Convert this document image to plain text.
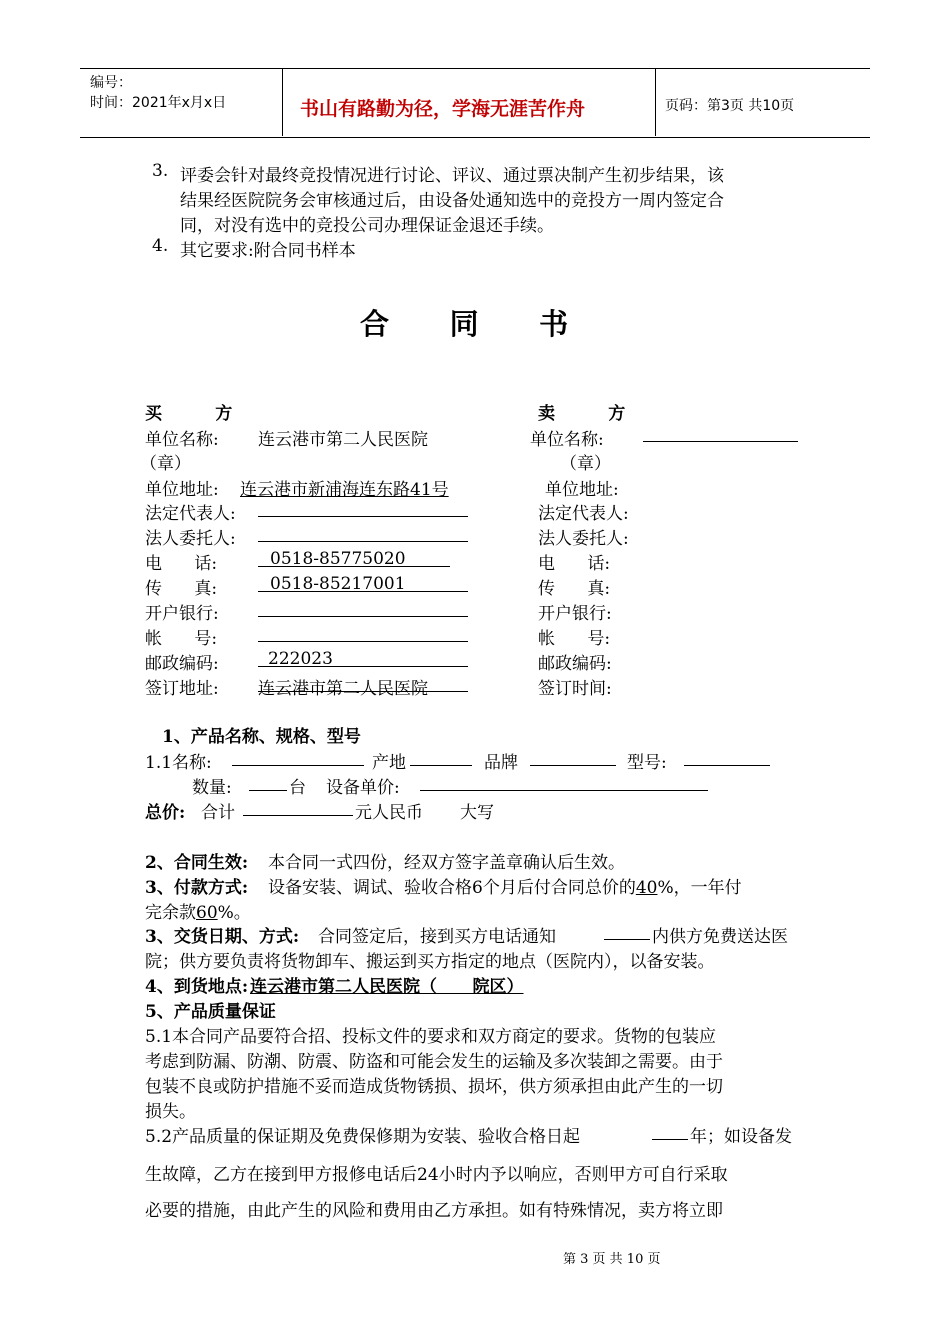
编号：
时间：2021年x月x日	书山有路勤为径，学海无涯苦作舟	页码：第3页 共10页
3. 评委会针对最终竞投情况进行讨论、评议、通过票决制产生初步结果，该
结果经医院院务会审核通过后，由设备处通知选中的竞投方一周内签定合
同，对没有选中的竞投公司办理保证金退还手续。
4. 其它要求:附合同书样本
合      同      书
买         方	卖         方
单位名称: 连云港市第二人民医院	单位名称:
（章）	（章）
单位地址: 连云港市新浦海连东路41号	单位地址:
法定代表人:	法定代表人:
法人委托人:	法人委托人:
电      话:	0518-85775020	电      话:
传      真:	0518-85217001	传      真:
开户银行:	开户银行:
帐      号:	帐      号:
邮政编码:	222023	邮政编码:
签订地址: 连云港市第二人民医院	签订时间:
1、产品名称、规格、型号
1.1名称:	产地	品牌	型号:
数量:	台 设备单价:
总价: 合计	元人民币 大写
2、合同生效: 本合同一式四份，经双方签字盖章确认后生效。
3、付款方式: 设备安装、调试、验收合格6个月后付合同总价的40%，一年付
完余款60%。
3、交货日期、方式: 合同签定后，接到买方电话通知	内供方免费送达医
院；供方要负责将货物卸车、搬运到买方指定的地点（医院内），以备安装。
4、到货地点: 连云港市第二人民医院（      院区）
5、产品质量保证
5.1本合同产品要符合招、投标文件的要求和双方商定的要求。货物的包装应
考虑到防漏、防潮、防震、防盗和可能会发生的运输及多次装卸之需要。由于
包装不良或防护措施不妥而造成货物锈损、损坏，供方须承担由此产生的一切
损失。
5.2产品质量的保证期及免费保修期为安装、验收合格日起	年；如设备发
生故障，乙方在接到甲方报修电话后24小时内予以响应，否则甲方可自行采取
必要的措施，由此产生的风险和费用由乙方承担。如有特殊情况，卖方将立即
第 3 页 共 10 页
